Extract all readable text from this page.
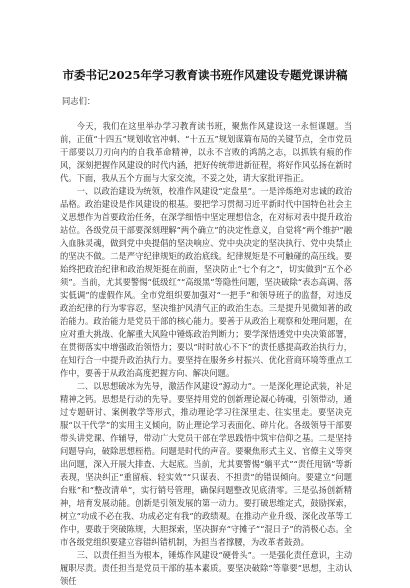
市委书记2025年学习教育读书班作风建设专题党课讲稿

同志们：

今天，我们在这里举办学习教育读书班，聚焦作风建设这一永恒课题。当前，正值“十四五”规划收官冲刺、“十五五”规划谋篇布局的关键节点，全市党员干部要以刀刃向内的自我革命精神，以永不言败的鸿鹄之志，以抓铁有痕的作风，深刻把握作风建设的时代内涵，把好传统带进新征程，将好作风弘扬在新时代。下面，我从五个方面与大家交流，不妥之处，请大家批评指正。

一、以政治建设为统领，校准作风建设“定盘星”。一是淬炼绝对忠诚的政治品格。政治建设是作风建设的根基。要把学习贯彻习近平新时代中国特色社会主义思想作为首要政治任务，在深学细悟中坚定理想信念，在对标对表中提升政治站位。各级党员干部要深刻理解“两个确立”的决定性意义，自觉将“两个维护”融入血脉灵魂，做到党中央提倡的坚决响应、党中央决定的坚决执行、党中央禁止的坚决不做。二是严守纪律规矩的政治底线。纪律规矩是不可触碰的高压线。要始终把政治纪律和政治规矩挺在前面，坚决防止“七个有之”，切实做到“五个必须”。当前，尤其要警惕“低级红”“高级黑”等隐性问题，坚决破除“表态高调、落实低调”的虚假作风。全市党组织要加强对“一把手”和领导班子的监督，对违反政治纪律的行为零容忍，坚决维护风清气正的政治生态。三是提升见微知著的政治能力。政治能力是党员干部的核心能力。要善于从政治上观察和处理问题，在应对重大挑战、化解重大风险中锤炼政治判断力；要学深悟透党中央决策部署，在贯彻落实中增强政治领悟力；要以“时时放心不下”的责任感提高政治执行力，在知行合一中提升政治执行力。要坚持在服务乡村振兴、优化营商环境等重点工作中，要善于从政治高度把握方向、解决问题。

二、以思想破冰为先导，激活作风建设“源动力”。一是深化理论武装，补足精神之钙。思想是行动的先导。要坚持用党的创新理论凝心铸魂，引领带动，通过专题研讨、案例教学等形式，推动理论学习往深里走、往实里走。要坚决克服“以干代学”的实用主义倾向，防止理论学习表面化、碎片化。各级领导干部要带头讲党课、作辅导，带动广大党员干部在学思践悟中筑牢信仰之基。二是坚持问题导向，破除思想桎梏。问题是时代的声音。要聚焦形式主义、官僚主义等突出问题，深入开展大排查、大起底。当前，尤其要警惕“躺平式”“责任甩锅”等新表现，坚决纠正“重留痕、轻实效”“只谋表、不担责”的错误倾向。要建立“问题台账”和“整改清单”，实行销号管理，确保问题整改见底清零。三是弘扬创新精神，培育发展动能。创新是引领发展的第一动力。要打破思维定式，鼓励探索，树立“功成不必在我、功成必定有我”的政绩观。在推动产业升级、深化改革等工作中，要敢于突破陈规，大胆探索，坚决摒弃“守摊子”“混日子”的消极心态。全市各级党组织要建立容错纠错机制，为担当者撑腰，为改革者鼓劲。

三、以责任担当为根本，锤炼作风建设“硬骨头”。一是强化责任意识，主动履职尽责。责任担当是党员干部的基本素质。要坚决破除“等靠要”思想，主动认领任
